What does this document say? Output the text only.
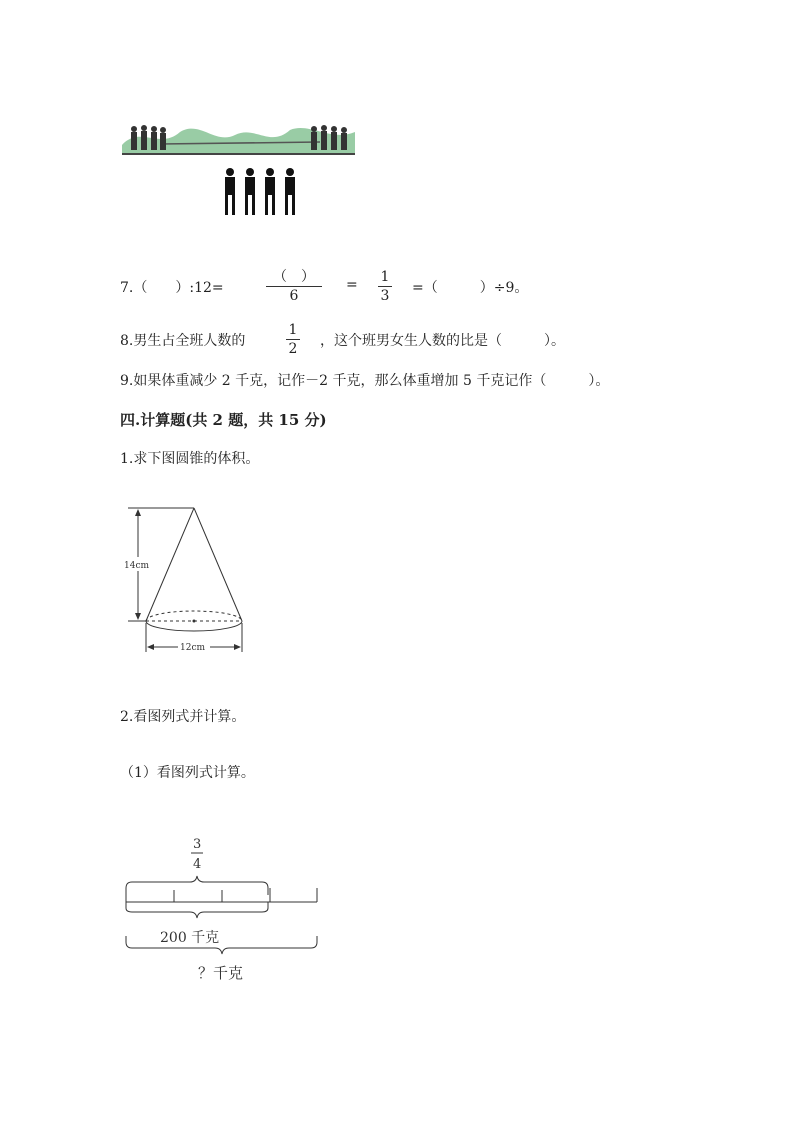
7.（　　）:12=
（　）
6
= 1
3 =（　　　）÷9。
8.男生占全班人数的
1
2 ，这个班男女生人数的比是（　　　）。
9.如果体重减少 2 千克，记作－2 千克，那么体重增加 5 千克记作（　　　）。
四.计算题(共 2 题，共 15 分)
1.求下图圆锥的体积。
14cm
12cm
2.看图列式并计算。
（1）看图列式计算。
3
4
200 千克
？千克
